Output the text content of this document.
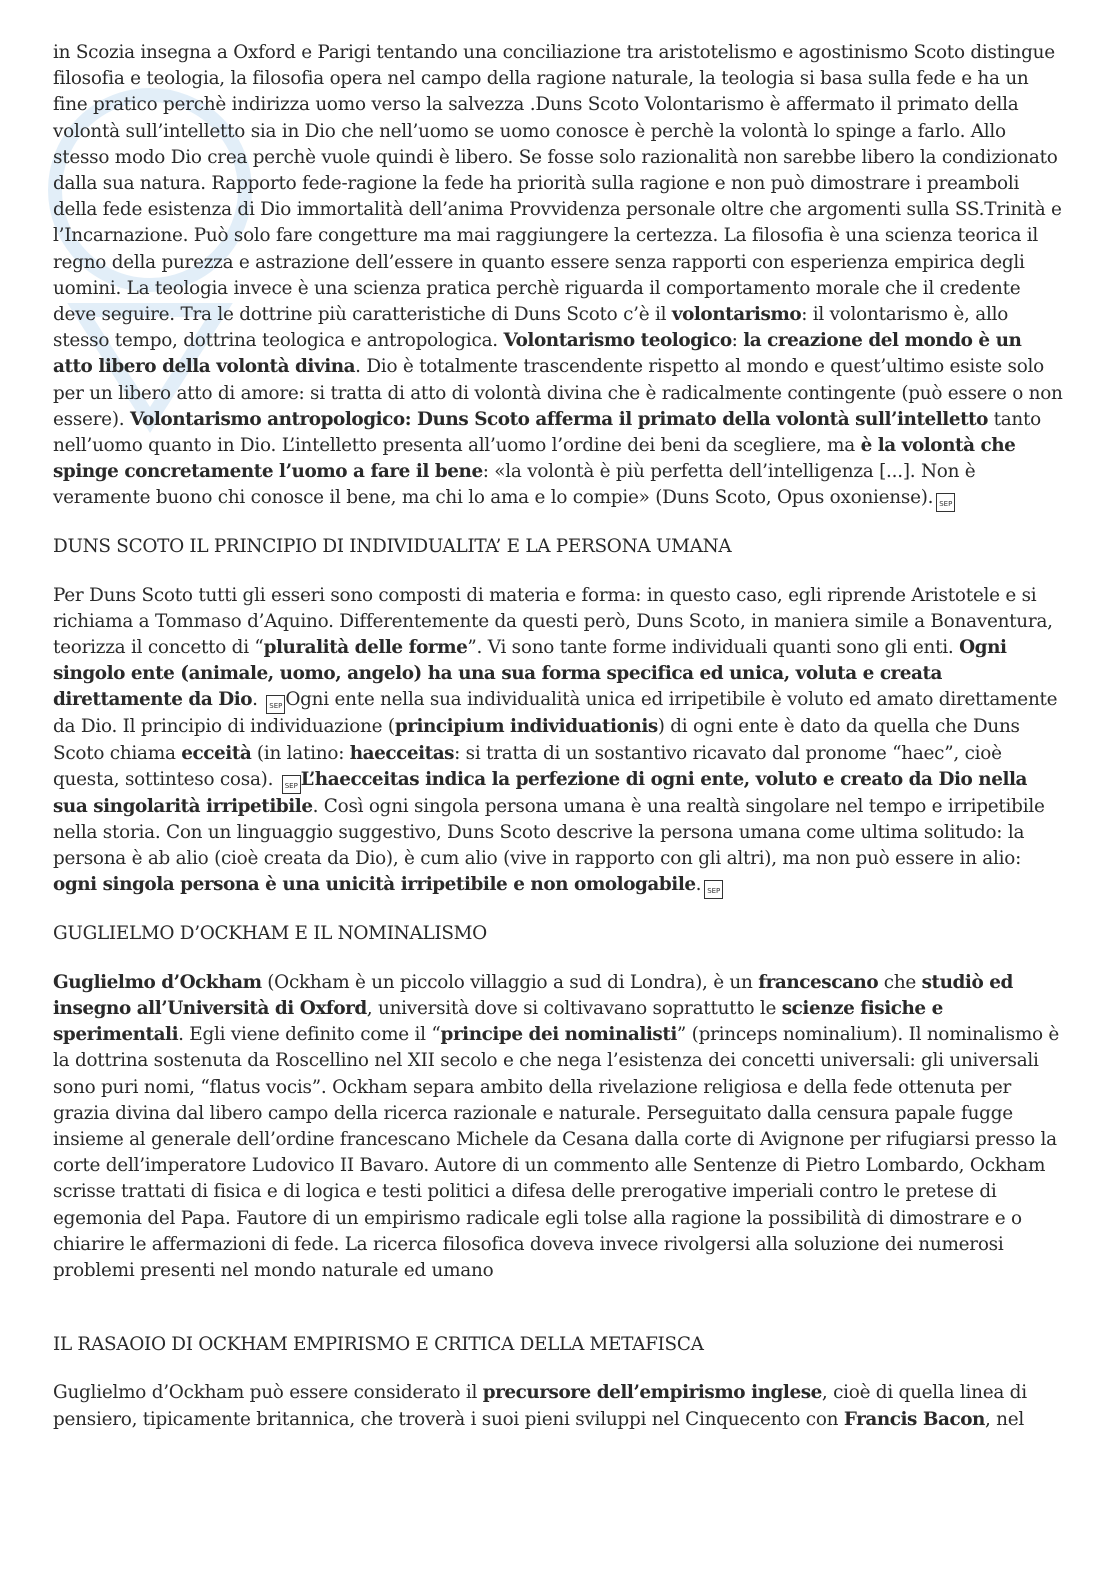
in Scozia insegna a Oxford e Parigi tentando una conciliazione tra aristotelismo e agostinismo Scoto distingue filosofia e teologia, la filosofia opera nel campo della ragione naturale, la teologia si basa sulla fede e ha un fine pratico perchè indirizza uomo verso la salvezza .Duns Scoto Volontarismo è affermato il primato della volontà sull’intelletto sia in Dio che nell’uomo se uomo conosce è perchè la volontà lo spinge a farlo. Allo stesso modo Dio crea perchè vuole quindi è libero. Se fosse solo razionalità non sarebbe libero la condizionato dalla sua natura. Rapporto fede-ragione la fede ha priorità sulla ragione e non può dimostrare i preamboli della fede esistenza di Dio immortalità dell’anima Provvidenza personale oltre che argomenti sulla SS.Trinità e l’Incarnazione. Può solo fare congetture ma mai raggiungere la certezza. La filosofia è una scienza teorica il regno della purezza e astrazione dell’essere in quanto essere senza rapporti con esperienza empirica degli uomini. La teologia invece è una scienza pratica perchè riguarda il comportamento morale che il credente deve seguire. Tra le dottrine più caratteristiche di Duns Scoto c’è il volontarismo: il volontarismo è, allo stesso tempo, dottrina teologica e antropologica. Volontarismo teologico: la creazione del mondo è un atto libero della volontà divina. Dio è totalmente trascendente rispetto al mondo e quest’ultimo esiste solo per un libero atto di amore: si tratta di atto di volontà divina che è radicalmente contingente (può essere o non essere). Volontarismo antropologico: Duns Scoto afferma il primato della volontà sull’intelletto tanto nell’uomo quanto in Dio. L’intelletto presenta all’uomo l’ordine dei beni da scegliere, ma è la volontà che spinge concretamente l’uomo a fare il bene: «la volontà è più perfetta dell’intelligenza [...]. Non è veramente buono chi conosce il bene, ma chi lo ama e lo compie» (Duns Scoto, Opus oxoniense). SEP

DUNS SCOTO IL PRINCIPIO DI INDIVIDUALITA’ E LA PERSONA UMANA

Per Duns Scoto tutti gli esseri sono composti di materia e forma: in questo caso, egli riprende Aristotele e si richiama a Tommaso d’Aquino. Differentemente da questi però, Duns Scoto, in maniera simile a Bonaventura, teorizza il concetto di “pluralità delle forme”. Vi sono tante forme individuali quanti sono gli enti. Ogni singolo ente (animale, uomo, angelo) ha una sua forma specifica ed unica, voluta e creata direttamente da Dio. SEP Ogni ente nella sua individualità unica ed irripetibile è voluto ed amato direttamente da Dio. Il principio di individuazione (principium individuationis) di ogni ente è dato da quella che Duns Scoto chiama ecceità (in latino: haecceitas: si tratta di un sostantivo ricavato dal pronome “haec”, cioè questa, sottinteso cosa). SEP L’haecceitas indica la perfezione di ogni ente, voluto e creato da Dio nella sua singolarità irripetibile. Così ogni singola persona umana è una realtà singolare nel tempo e irripetibile nella storia. Con un linguaggio suggestivo, Duns Scoto descrive la persona umana come ultima solitudo: la persona è ab alio (cioè creata da Dio), è cum alio (vive in rapporto con gli altri), ma non può essere in alio: ogni singola persona è una unicità irripetibile e non omologabile. SEP

GUGLIELMO D’OCKHAM E IL NOMINALISMO

Guglielmo d’Ockham (Ockham è un piccolo villaggio a sud di Londra), è un francescano che studiò ed insegno all’Università di Oxford, università dove si coltivavano soprattutto le scienze fisiche e sperimentali. Egli viene definito come il “principe dei nominalisti” (princeps nominalium). Il nominalismo è la dottrina sostenuta da Roscellino nel XII secolo e che nega l’esistenza dei concetti universali: gli universali sono puri nomi, “flatus vocis”. Ockham separa ambito della rivelazione religiosa e della fede ottenuta per grazia divina dal libero campo della ricerca razionale e naturale. Perseguitato dalla censura papale fugge insieme al generale dell’ordine francescano Michele da Cesana dalla corte di Avignone per rifugiarsi presso la corte dell’imperatore Ludovico II Bavaro. Autore di un commento alle Sentenze di Pietro Lombardo, Ockham scrisse trattati di fisica e di logica e testi politici a difesa delle prerogative imperiali contro le pretese di egemonia del Papa. Fautore di un empirismo radicale egli tolse alla ragione la possibilità di dimostrare e o chiarire le affermazioni di fede. La ricerca filosofica doveva invece rivolgersi alla soluzione dei numerosi problemi presenti nel mondo naturale ed umano

IL RASAOIO DI OCKHAM EMPIRISMO E CRITICA DELLA METAFISCA

Guglielmo d’Ockham può essere considerato il precursore dell’empirismo inglese, cioè di quella linea di pensiero, tipicamente britannica, che troverà i suoi pieni sviluppi nel Cinquecento con Francis Bacon, nel
